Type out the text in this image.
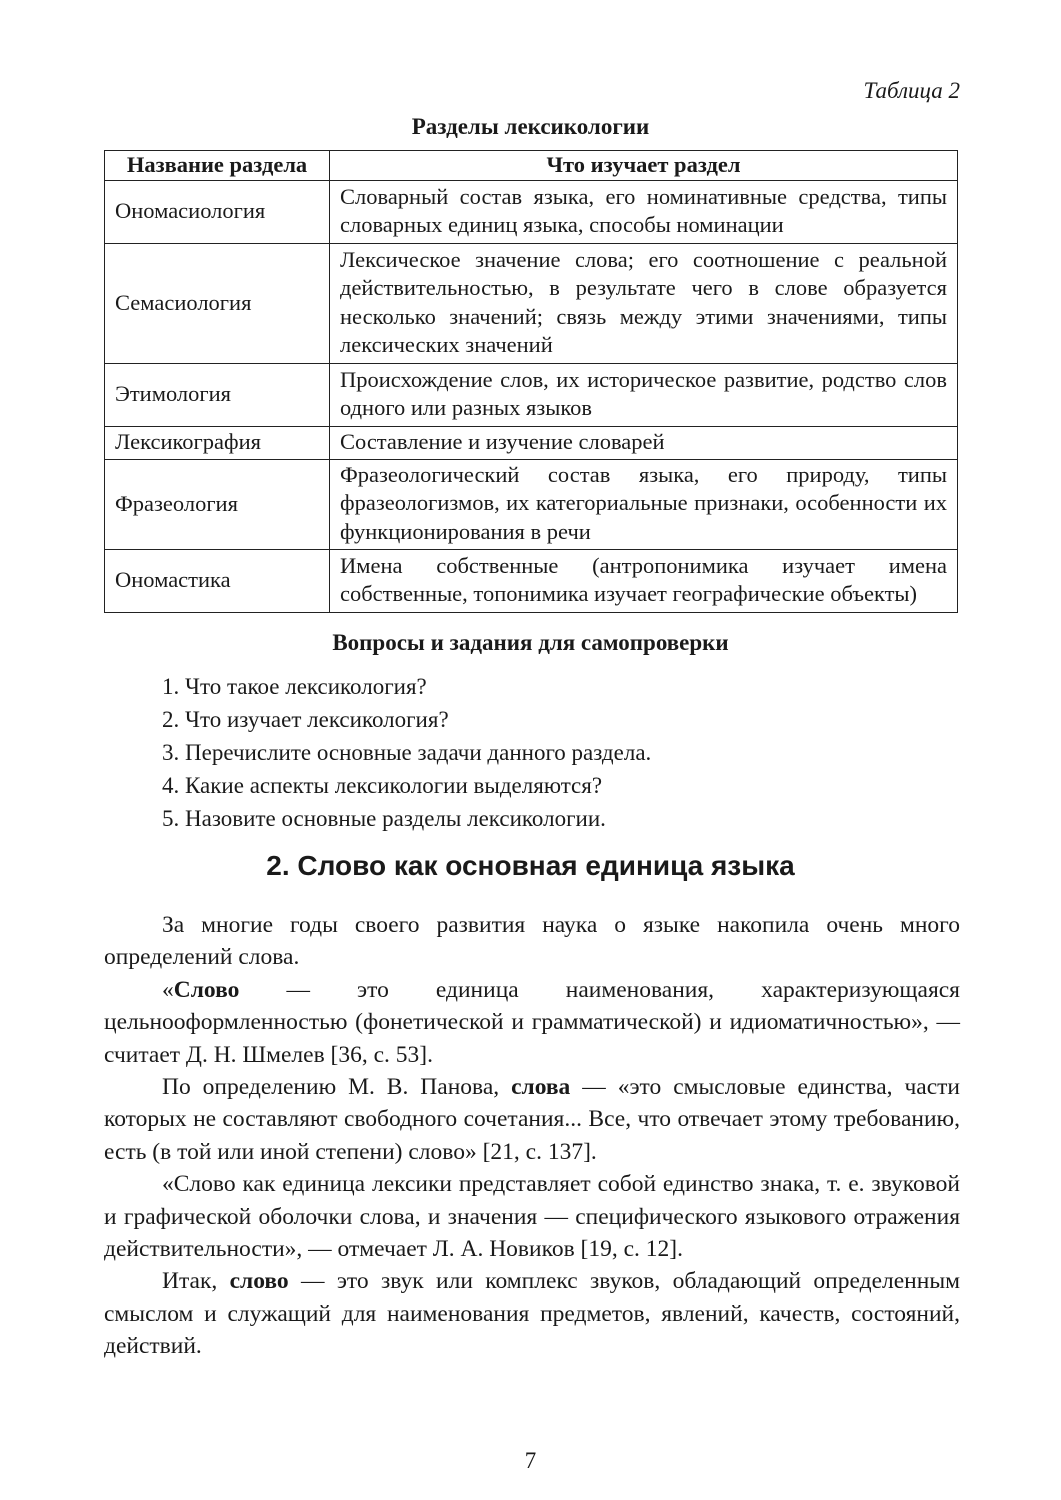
Таблица 2
Разделы лексикологии
Название раздела	Что изучает раздел
Ономасиология	Словарный состав языка, его номинативные средства, типы словарных единиц языка, способы номинации
Семасиология	Лексическое значение слова; его соотношение с реальной действительностью, в результате чего в слове образуется несколько значений; связь между этими значениями, типы лексических значений
Этимология	Происхождение слов, их историческое развитие, родство слов одного или разных языков
Лексикография	Составление и изучение словарей
Фразеология	Фразеологический состав языка, его природу, типы фразеологизмов, их категориальные признаки, особенности их функционирования в речи
Ономастика	Имена собственные (антропонимика изучает имена собственные, топонимика изучает географические объекты)
Вопросы и задания для самопроверки
1. Что такое лексикология?
2. Что изучает лексикология?
3. Перечислите основные задачи данного раздела.
4. Какие аспекты лексикологии выделяются?
5. Назовите основные разделы лексикологии.
2. Слово как основная единица языка

За многие годы своего развития наука о языке накопила очень много определений слова.

«Слово — это единица наименования, характеризующаяся цельнооформленностью (фонетической и грамматической) и идиоматичностью», — считает Д. Н. Шмелев [36, с. 53].

По определению М. В. Панова, слова — «это смысловые единства, части которых не составляют свободного сочетания... Все, что отвечает этому требованию, есть (в той или иной степени) слово» [21, с. 137].

«Слово как единица лексики представляет собой единство знака, т. е. звуковой и графической оболочки слова, и значения — специфического языкового отражения действительности», — отмечает Л. А. Новиков [19, с. 12].

Итак, слово — это звук или комплекс звуков, обладающий определенным смыслом и служащий для наименования предметов, явлений, качеств, состояний, действий.

7
